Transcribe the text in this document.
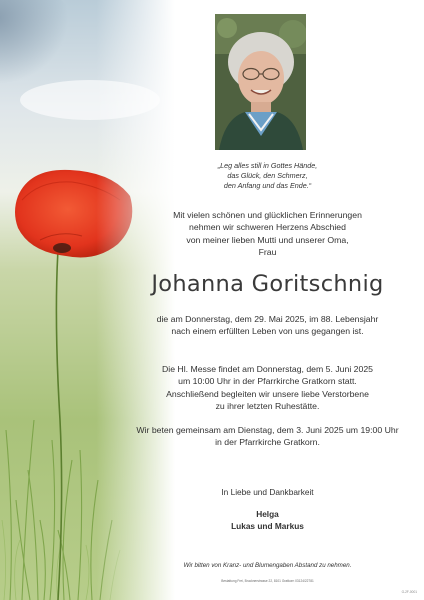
„Leg alles still in Gottes Hände,
das Glück, den Schmerz,
den Anfang und das Ende.“
Mit vielen schönen und glücklichen Erinnerungen
nehmen wir schweren Herzens Abschied
von meiner lieben Mutti und unserer Oma,
Frau
Johanna Goritschnig
die am Donnerstag, dem 29. Mai 2025, im 88. Lebensjahr
nach einem erfüllten Leben von uns gegangen ist.
Die Hl. Messe findet am Donnerstag, dem 5. Juni 2025
um 10:00 Uhr in der Pfarrkirche Gratkorn statt.
Anschließend begleiten wir unsere liebe Verstorbene
zu ihrer letzten Ruhestätte.
Wir beten gemeinsam am Dienstag, dem 3. Juni 2025 um 19:00 Uhr
in der Pfarrkirche Gratkorn.
In Liebe und Dankbarkeit
Helga
Lukas und Markus
Wir bitten von Kranz- und Blumengaben Abstand zu nehmen.
Bestattung Frei, Brucknerstrasse 22, 8101 Gratkorn 03124/22781
G-2F-0001
